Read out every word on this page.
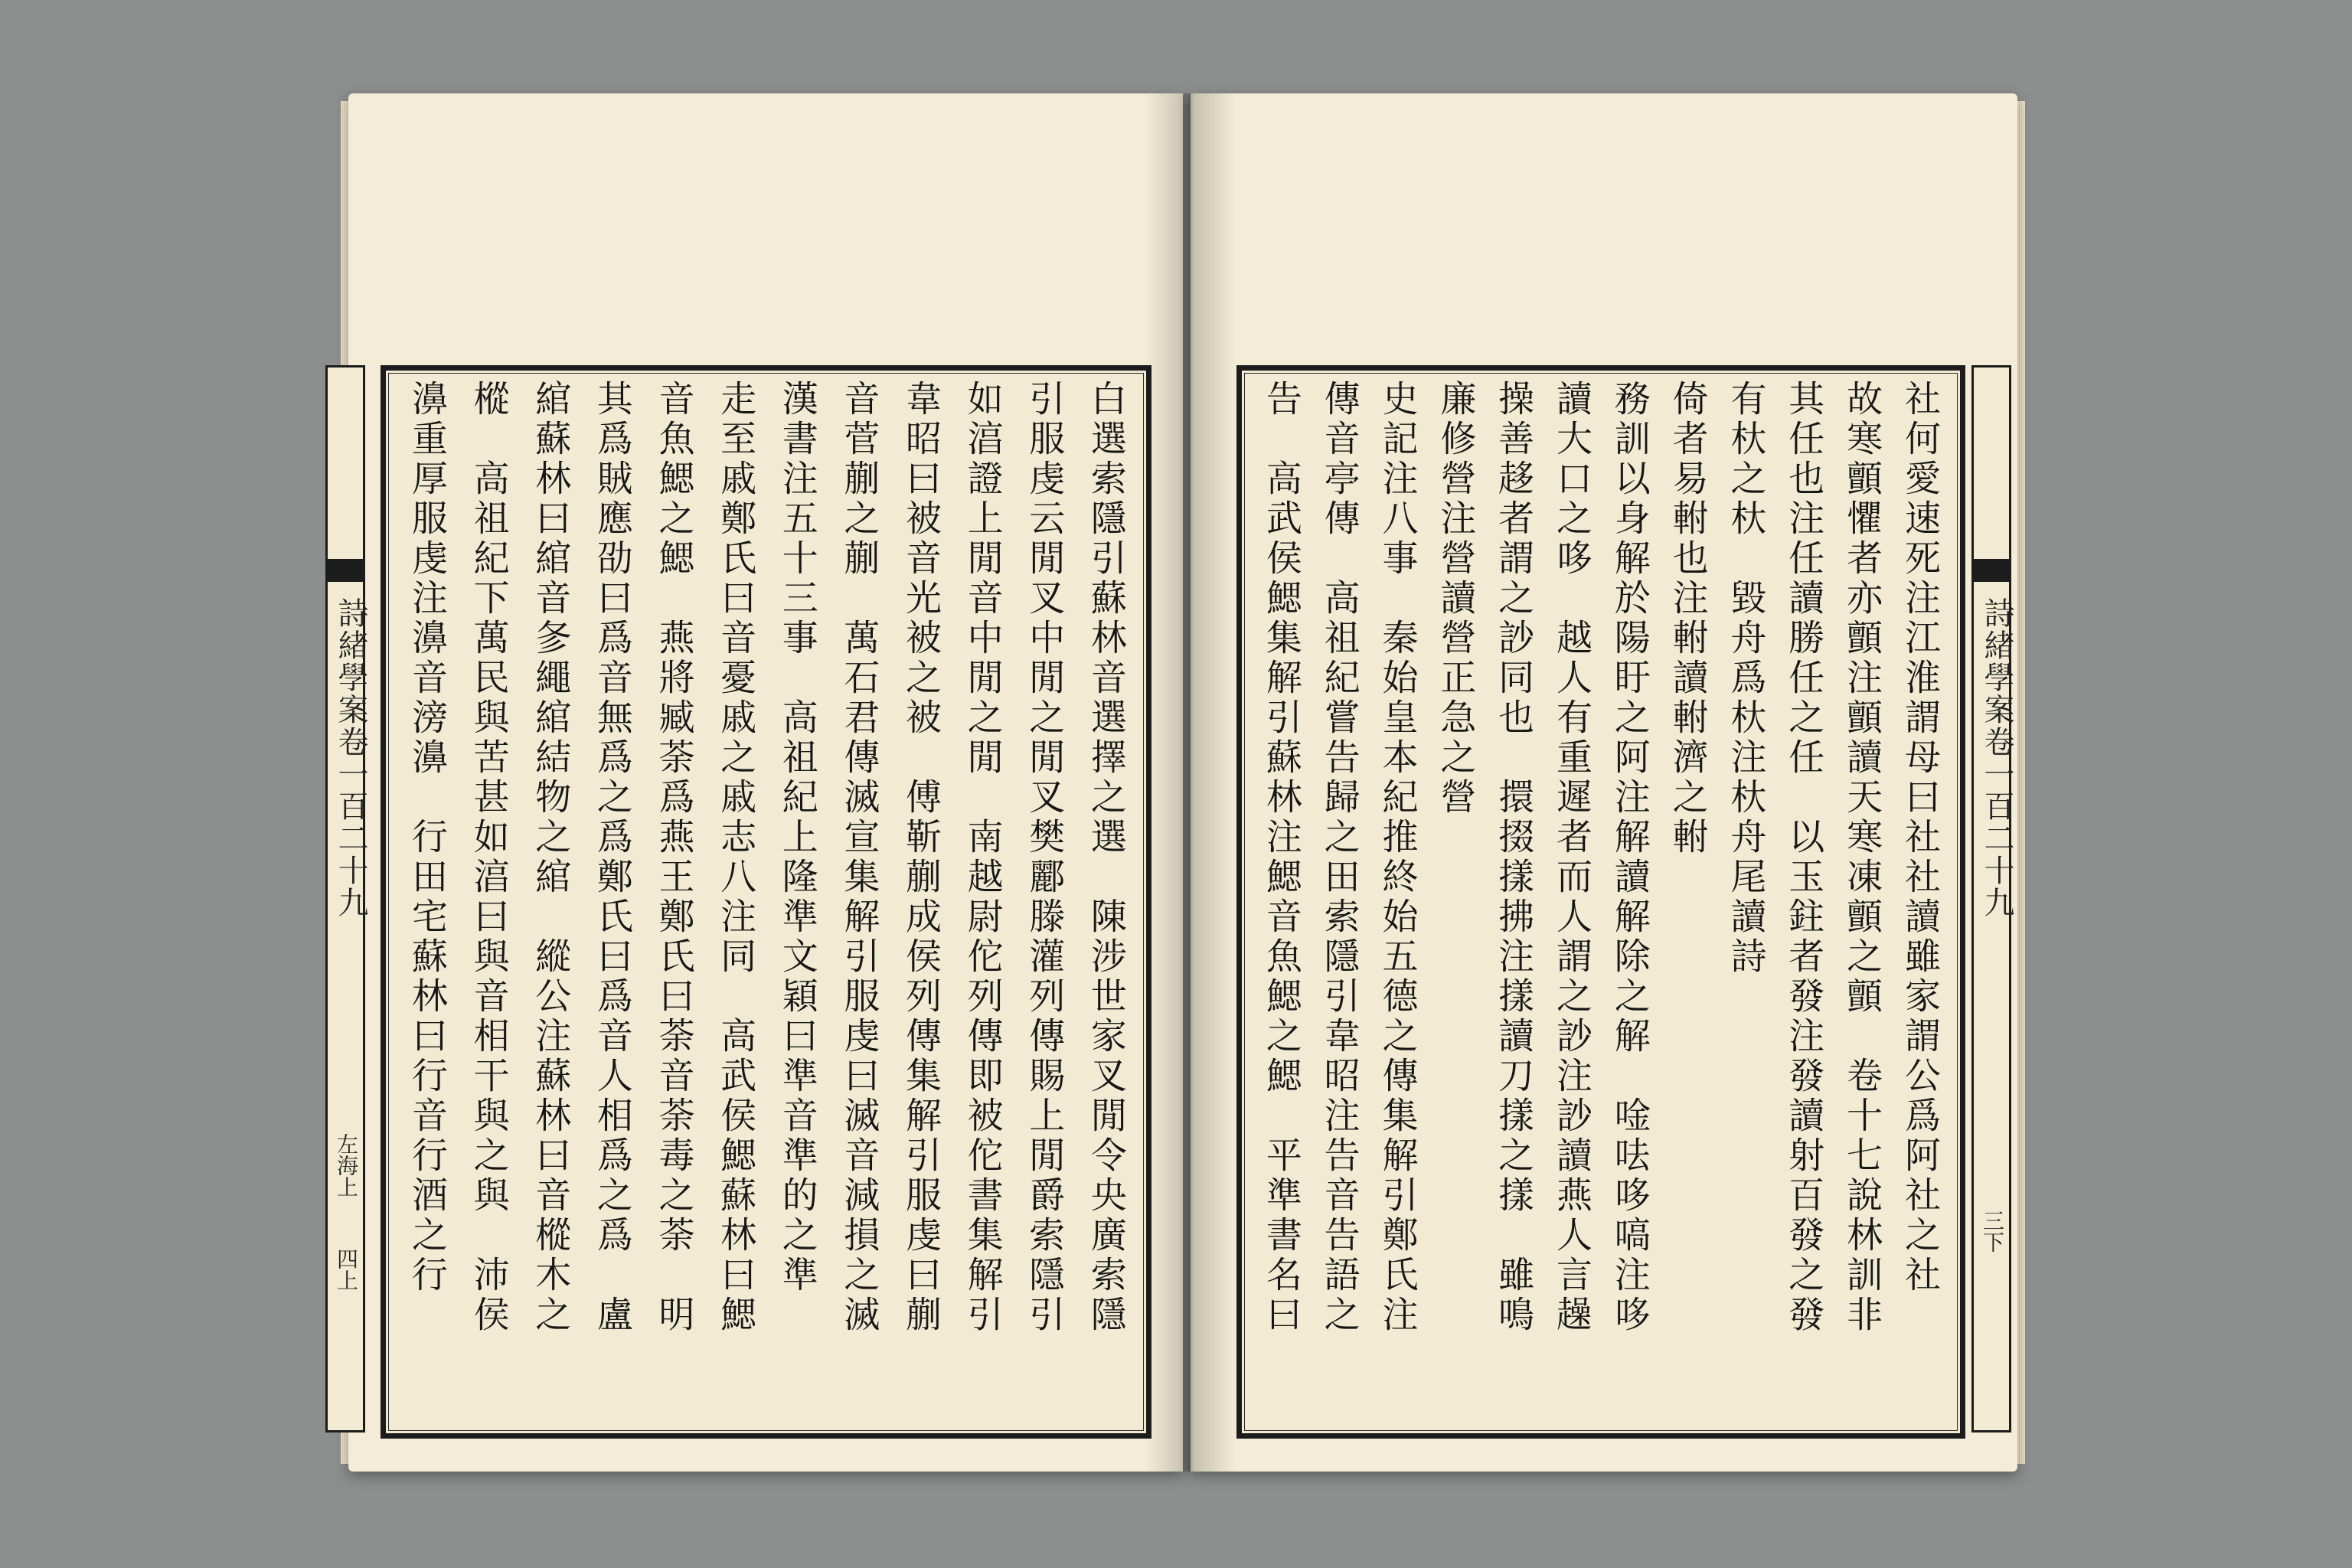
詩緒學案卷一百二十九
左海上
四上	白選索隱引蘇林音選擇之選　陳涉世家叉閒令央廣索隱
引服虔云閒叉中閒之閒叉樊酈滕灌列傳賜上閒爵索隱引
如湻證上閒音中閒之閒　南越尉佗列傳即被佗書集解引
韋昭曰被音光被之被　傅靳蒯成侯列傳集解引服虔曰蒯
音菅蒯之蒯　萬石君傳滅宣集解引服虔曰滅音減損之滅
漢書注五十三事　高祖紀上隆準文穎曰準音準的之準
走至戚鄭氏曰音憂戚之戚志八注同　高武侯鰓蘇林曰鰓
音魚鰓之鰓　燕將臧荼爲燕王鄭氏曰荼音荼毒之荼　明
其爲賊應劭曰爲音無爲之爲鄭氏曰爲音人相爲之爲　盧
綰蘇林曰綰音㣊繩綰結物之綰　縱公注蘇林曰音樅木之
樅　高祖紀下萬民與苦甚如湻曰與音相干與之與　沛侯
濞重厚服虔注濞音滂濞　行田宅蘇林曰行音行酒之行	社何愛速死注江淮謂母曰社社讀雖家謂公爲阿社之社
故寒顫懼者亦顫注顫讀天寒凍顫之顫　卷十七說林訓非
其任也注任讀勝任之任　以玉鉒者發注發讀射百發之發
有杕之杕　毀舟爲杕注杕舟尾讀詩
倚者易軵也注軵讀軵濟之軵
務訓以身解於陽盱之阿注解讀解除之解　唫呿哆嗃注哆
讀大口之哆　越人有重遲者而人謂之訬注訬讀燕人言趮
操善趍者謂之訬同也　擐掇㨾拂注㨾讀刀㨾之㨾　雖鳴
廉修營注營讀營正急之營
史記注八事　秦始皇本紀推終始五德之傳集解引鄭氏注
傳音亭傳　高祖紀嘗告歸之田索隱引韋昭注告音告語之
告　高武侯鰓集解引蘇林注鰓音魚鰓之鰓　平準書名曰	詩緒學案卷一百二十九
三下
